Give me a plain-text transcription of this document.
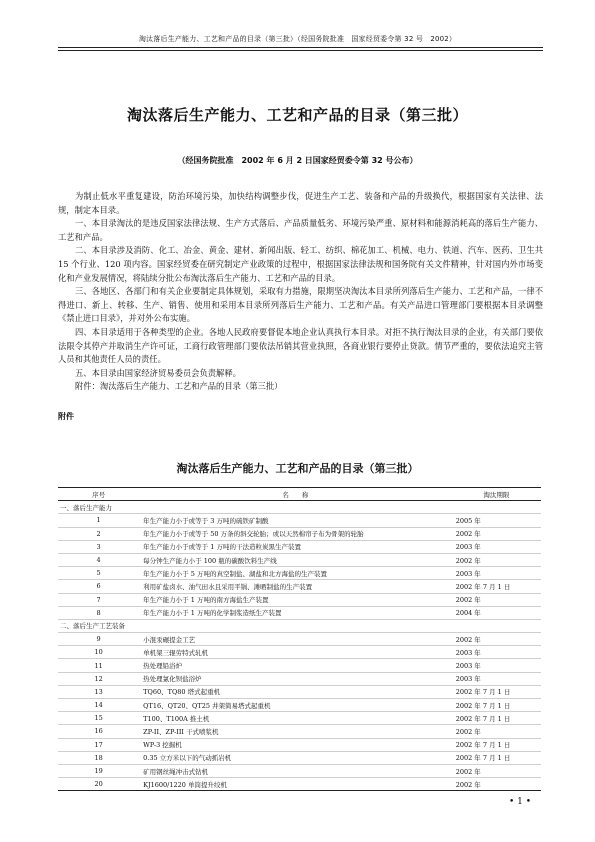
淘汰落后生产能力、工艺和产品的目录（第三批）（经国务院批准　国家经贸委令第 32 号　2002）
淘汰落后生产能力、工艺和产品的目录（第三批）
（经国务院批准　2002 年 6 月 2 日国家经贸委令第 32 号公布）

为制止低水平重复建设，防治环境污染，加快结构调整步伐，促进生产工艺、装备和产品的升级换代，根据国家有关法律、法规，制定本目录。

一、本目录淘汰的是违反国家法律法规、生产方式落后、产品质量低劣、环境污染严重、原材料和能源消耗高的落后生产能力、工艺和产品。

二、本目录涉及消防、化工、冶金、黄金、建材、新闻出版、轻工、纺织、棉花加工、机械、电力、铁道、汽车、医药、卫生共 15 个行业、120 项内容。国家经贸委在研究制定产业政策的过程中，根据国家法律法规和国务院有关文件精神，针对国内外市场变化和产业发展情况，将陆续分批公布淘汰落后生产能力、工艺和产品的目录。

三、各地区、各部门和有关企业要制定具体规划，采取有力措施，限期坚决淘汰本目录所列落后生产能力、工艺和产品，一律不得进口、新上、转移、生产、销售、使用和采用本目录所列落后生产能力、工艺和产品。有关产品进口管理部门要根据本目录调整《禁止进口目录》，并对外公布实施。

四、本目录适用于各种类型的企业。各地人民政府要督促本地企业认真执行本目录。对拒不执行淘汰目录的企业，有关部门要依法限令其停产并取消生产许可证，工商行政管理部门要依法吊销其营业执照，各商业银行要停止贷款。情节严重的，要依法追究主管人员和其他责任人员的责任。

五、本目录由国家经济贸易委员会负责解释。

附件：淘汰落后生产能力、工艺和产品的目录（第三批）

附件
淘汰落后生产能力、工艺和产品的目录（第三批）
序号	名　　称	淘汰期限
一、落后生产能力		
1	年生产能力小于或等于 3 万吨的硫铁矿制酸	2005 年
2	年生产能力小于或等于 50 万条的斜交轮胎；或以天然棉帘子布为骨架的轮胎	2002 年
3	年生产能力小于或等于 1 万吨的干法造粒炭黑生产装置	2003 年
4	每分钟生产能力小于 100 瓶的碳酸饮料生产线	2002 年
5	年生产能力小于 5 万吨的真空制盐、湖盐和北方海盐的生产装置	2003 年
6	利用矿盐卤水、油气田水且采用平锅、滩晒制盐的生产装置	2002 年 7 月 1 日
7	年生产能力小于 1 万吨的南方海盐生产装置	2002 年
8	年生产能力小于 1 万吨的化学制浆造纸生产装置	2004 年
二、落后生产工艺装备		
9	小混汞碾提金工艺	2002 年
10	单机架三辊劳特式轧机	2003 年
11	热处理铅浴炉	2003 年
12	热处理氯化钡盐浴炉	2003 年
13	TQ60、TQ80 塔式起重机	2002 年 7 月 1 日
14	QT16、QT20、QT25 井架简易塔式起重机	2002 年 7 月 1 日
15	T100、T100A 推土机	2002 年 7 月 1 日
16	ZP-II、ZP-III 干式喷浆机	2002 年
17	WP-3 挖掘机	2002 年 7 月 1 日
18	0.35 立方米以下的气动抓岩机	2002 年 7 月 1 日
19	矿用钢丝绳冲击式钻机	2002 年
20	KJ1600/1220 单筒提升绞机	2002 年
• 1 •
